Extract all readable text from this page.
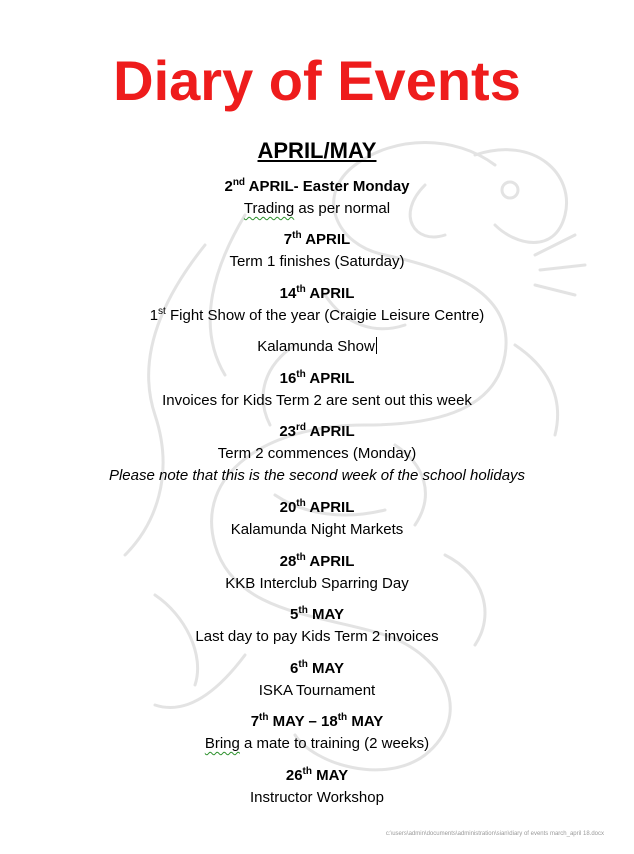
Diary of Events
APRIL/MAY
2nd APRIL- Easter Monday
Trading as per normal
7th APRIL
Term 1 finishes (Saturday)
14th APRIL
1st Fight Show of the year (Craigie Leisure Centre)
Kalamunda Show
16th APRIL
Invoices for Kids Term 2 are sent out this week
23rd APRIL
Term 2 commences (Monday)
Please note that this is the second week of the school holidays
20th APRIL
Kalamunda Night Markets
28th APRIL
KKB Interclub Sparring Day
5th MAY
Last day to pay Kids Term 2 invoices
6th MAY
ISKA Tournament
7th MAY – 18th MAY
Bring a mate to training (2 weeks)
26th MAY
Instructor Workshop
c:\users\admin\documents\administration\sian\diary of events march_april 18.docx
